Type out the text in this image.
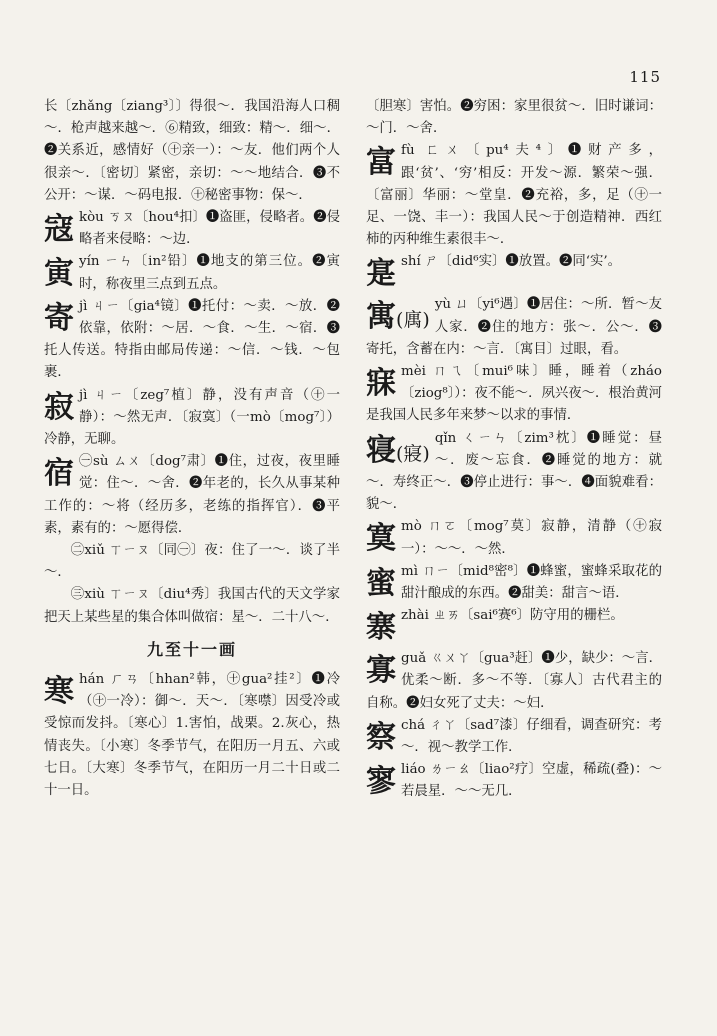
115

长〔zhǎng〔ziang³〕〕得很～．我国沿海人口稠～．枪声越来越～．⑥精致，细致：精～．细～．❷关系近，感情好（㊉亲一）：～友．他们两个人很亲～．〔密切〕紧密，亲切：～～地结合．❸不公开：～谋．～码电报．㊉秘密事物：保～．

寇kòu ㄎㄡ〔hou⁴扣〕❶盗匪，侵略者。❷侵略者来侵略：～边．
寅yín ㄧㄣ〔in²铅〕❶地支的第三位。❷寅时，称夜里三点到五点。
寄jì ㄐㄧ〔gia⁴镜〕❶托付：～卖．～放．❷依靠，依附：～居．～食．～生．～宿．❸托人传送。特指由邮局传递：～信．～钱．～包裹．
寂jì ㄐㄧ〔zeg⁷植〕静，没有声音（㊉一静）：～然无声．〔寂寞〕（一mò〔mog⁷〕）冷静，无聊。
宿 ㊀sù ㄙㄨ〔dog⁷肃〕❶住，过夜，夜里睡觉：住～．～舍．❷年老的，长久从事某种工作的：～将（经历多，老练的指挥官）．❸平素，素有的：～愿得偿．

㊁xiǔ ㄒㄧㄡ〔同㊀〕夜：住了一～．谈了半～．

㊂xiù ㄒㄧㄡ〔diu⁴秀〕我国古代的天文学家把天上某些星的集合体叫做宿：星～．二十八～．

九至十一画
寒hán ㄏㄢ〔hhan²韩，㊉gua²挂²〕❶冷（㊉一冷）：御～．天～．〔寒噤〕因受冷或受惊而发抖。〔寒心〕1.害怕，战栗。2.灰心，热情丧失。〔小寒〕冬季节气，在阳历一月五、六或七日。〔大寒〕冬季节气，在阳历一月二十日或二十一日。

〔胆寒〕害怕。❷穷困：家里很贫～．旧时谦词：～门．～舍．

富fù ㄈㄨ〔pu⁴夫⁴〕❶财产多，跟‘贫’、‘穷’相反：开发～源．繁荣～强．〔富丽〕华丽：～堂皇．❷充裕，多，足（㊉一足、一饶、丰一）：我国人民～于创造精神．西红柿的丙种维生素很丰～．
寔shí ㄕ〔did⁶实〕❶放置。❷同‘实’。
寓(庽)
yù ㄩ〔yi⁶遇〕❶居住：～所．暂～友人家．❷住的地方：张～．公～．❸寄托，含蓄在内：～言．〔寓目〕过眼，看。
寐mèi ㄇㄟ〔mui⁶味〕睡，睡着（zháo〔ziog⁸〕）：夜不能～．夙兴夜～．根治黄河是我国人民多年来梦～以求的事情．
寝(寢)
qǐn ㄑㄧㄣ〔zim³枕〕❶睡觉：昼～．废～忘食．❷睡觉的地方：就～．寿终正～．❸停止进行：事～．❹面貌难看：貌～．
寞mò ㄇㄛ〔mog⁷莫〕寂静，清静（㊉寂一）：～～．～然．
蜜mì ㄇㄧ〔mid⁸密⁸〕❶蜂蜜，蜜蜂采取花的甜汁酿成的东西。❷甜美：甜言～语．
寨zhài ㄓㄞ〔sai⁶赛⁶〕防守用的栅栏。
寡guǎ ㄍㄨㄚ〔gua³赶〕❶少，缺少：～言．优柔～断．多～不等．〔寡人〕古代君主的自称。❷妇女死了丈夫：～妇．
察chá ㄔㄚ〔sad⁷漆〕仔细看，调查研究：考～．视～教学工作．
寥liáo ㄌㄧㄠ〔liao²疗〕空虚，稀疏(叠)：～若晨星．～～无几．
